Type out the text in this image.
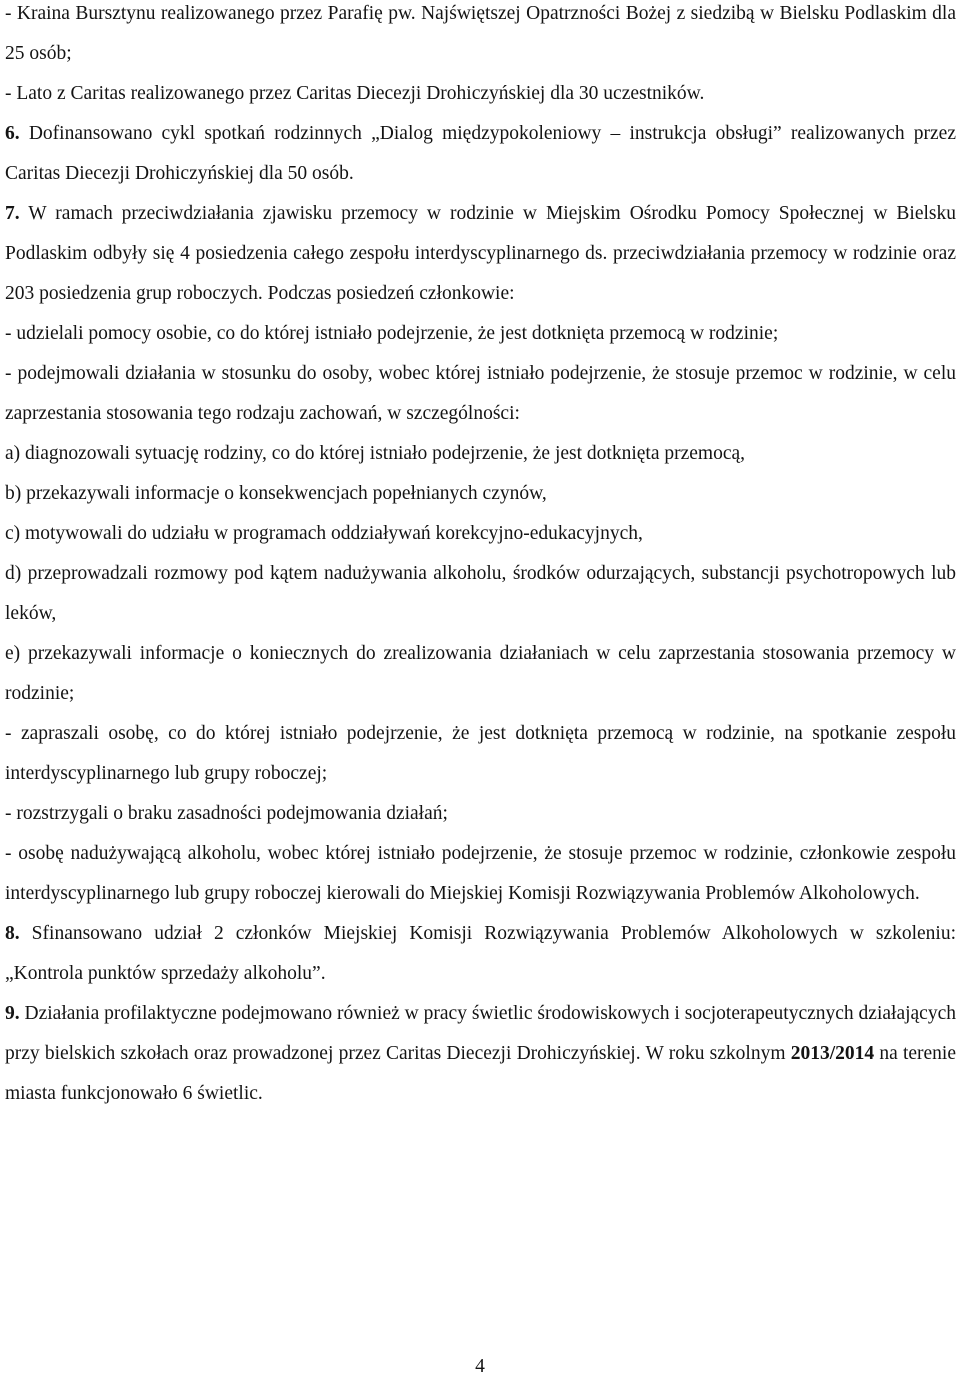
- Kraina Bursztynu realizowanego przez Parafię pw. Najświętszej Opatrzności Bożej z siedzibą w Bielsku Podlaskim dla 25 osób;

- Lato z Caritas realizowanego przez Caritas Diecezji Drohiczyńskiej dla 30 uczestników.

6. Dofinansowano cykl spotkań rodzinnych „Dialog międzypokoleniowy – instrukcja obsługi” realizowanych przez Caritas Diecezji Drohiczyńskiej dla 50 osób.

7. W ramach przeciwdziałania zjawisku przemocy w rodzinie w Miejskim Ośrodku Pomocy Społecznej w Bielsku Podlaskim odbyły się 4 posiedzenia całego zespołu interdyscyplinarnego ds. przeciwdziałania przemocy w rodzinie oraz 203 posiedzenia grup roboczych. Podczas posiedzeń członkowie:

- udzielali pomocy osobie, co do której istniało podejrzenie, że jest dotknięta przemocą w rodzinie;

- podejmowali działania w stosunku do osoby, wobec której istniało podejrzenie, że stosuje przemoc w rodzinie, w celu zaprzestania stosowania tego rodzaju zachowań, w szczególności:

a) diagnozowali sytuację rodziny, co do której istniało podejrzenie, że jest dotknięta przemocą,

b) przekazywali informacje o konsekwencjach popełnianych czynów,

c) motywowali do udziału w programach oddziaływań korekcyjno-edukacyjnych,

d) przeprowadzali rozmowy pod kątem nadużywania alkoholu, środków odurzających, substancji psychotropowych lub leków,

e) przekazywali informacje o koniecznych do zrealizowania działaniach w celu zaprzestania stosowania przemocy w rodzinie;

- zapraszali osobę, co do której istniało podejrzenie, że jest dotknięta przemocą w rodzinie, na spotkanie zespołu interdyscyplinarnego lub grupy roboczej;

- rozstrzygali o braku zasadności podejmowania działań;

- osobę nadużywającą alkoholu, wobec której istniało podejrzenie, że stosuje przemoc w rodzinie, członkowie zespołu interdyscyplinarnego lub grupy roboczej kierowali do Miejskiej Komisji Rozwiązywania Problemów Alkoholowych.

8. Sfinansowano udział 2 członków Miejskiej Komisji Rozwiązywania Problemów Alkoholowych w szkoleniu: „Kontrola punktów sprzedaży alkoholu”.

9. Działania profilaktyczne podejmowano również w pracy świetlic środowiskowych i socjoterapeutycznych działających przy bielskich szkołach oraz prowadzonej przez Caritas Diecezji Drohiczyńskiej. W roku szkolnym 2013/2014 na terenie miasta funkcjonowało 6 świetlic.

4
